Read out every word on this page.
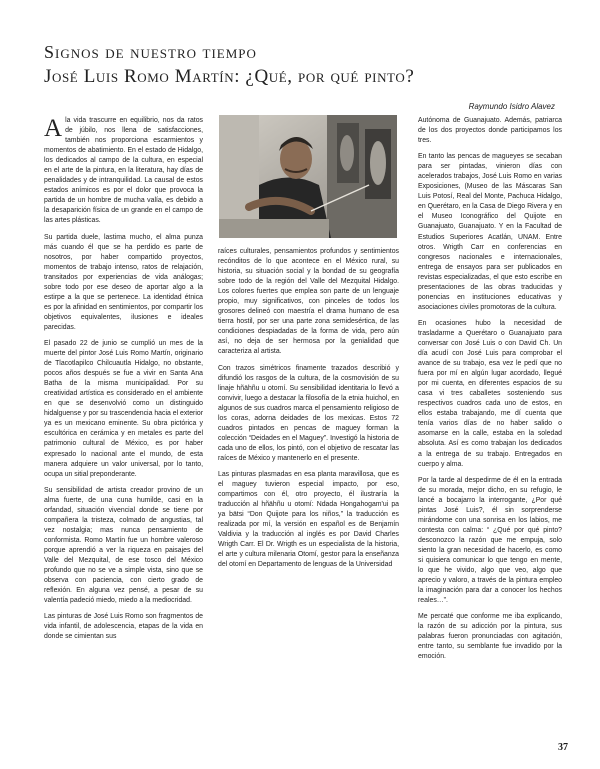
Signos de nuestro tiempo
José Luis Romo Martín: ¿Qué, por qué pinto?
Raymundo Isidro Alavez

Ala vida trascurre en equilibrio, nos da ratos de júbilo, nos llena de satisfacciones, también nos proporciona escarmientos y momentos de abatimiento. En el estado de Hidalgo, los dedicados al campo de la cultura, en especial en el arte de la pintura, en la literatura, hay días de penalidades y de intranquilidad. La causal de estos estados anímicos es por el dolor que provoca la partida de un hombre de mucha valía, es debido a la desaparición física de un grande en el campo de las artes plásticas.

Su partida duele, lastima mucho, el alma punza más cuando él que se ha perdido es parte de nosotros, por haber compartido proyectos, momentos de trabajo intenso, ratos de relajación, transitados por experiencias de vida análogas; sobre todo por ese deseo de aportar algo a la estirpe a la que se pertenece. La identidad étnica es por la afinidad en sentimientos, por compartir los objetivos equivalentes, ilusiones e ideales parecidas.

El pasado 22 de junio se cumplió un mes de la muerte del pintor José Luis Romo Martín, originario de Tlacotlapilco Chilcuautla Hidalgo, no obstante, pocos años después se fue a vivir en Santa Ana Batha de la misma municipalidad. Por su creatividad artística es considerado en el ambiente en que se desenvolvió como un distinguido hidalguense y por su trascendencia hacia el exterior ya es un mexicano eminente. Su obra pictórica y escultórica en cerámica y en metales es parte del patrimonio cultural de México, es por haber expresado lo nacional ante el mundo, de esta manera adquiere un valor universal, por lo tanto, ocupa un sitial preponderante.

Su sensibilidad de artista creador provino de un alma fuerte, de una cuna humilde, casi en la orfandad, situación vivencial donde se tiene por compañera la tristeza, colmado de angustias, tal vez nostalgia; mas nunca pensamiento de conformista. Romo Martín fue un hombre valeroso porque aprendió a ver la riqueza en paisajes del Valle del Mezquital, de ese tosco del México profundo que no se ve a simple vista, sino que se observa con paciencia, con cierto grado de reflexión. En alguna vez pensé, a pesar de su valentía padeció miedo, miedo a la mediocridad.

Las pinturas de José Luis Romo son fragmentos de vida infantil, de adolescencia, etapas de la vida en donde se cimientan sus

raíces culturales, pensamientos profundos y sentimientos recónditos de lo que acontece en el México rural, su historia, su situación social y la bondad de su geografía sobre todo de la región del Valle del Mezquital Hidalgo. Los colores fuertes que emplea son parte de un lenguaje propio, muy significativos, con pinceles de todos los grosores delineó con maestría el drama humano de esa tierra hostil, por ser una parte zona semidesértica, de las condiciones despiadadas de la forma de vida, pero aún así, no deja de ser hermosa por la genialidad que caracteriza al artista.

Con trazos simétricos finamente trazados describió y difundió los rasgos de la cultura, de la cosmovisión de su linaje hñähñu u otomí. Su sensibilidad identitaria lo llevó a convivir, luego a destacar la filosofía de la etnia huichol, en algunos de sus cuadros marca el pensamiento religioso de los coras, adorna deidades de los mexicas. Estos 72 cuadros pintados en pencas de maguey forman la colección “Deidades en el Maguey”. Investigó la historia de cada uno de ellos, los pintó, con el objetivo de rescatar las raíces de México y mantenerlo en el presente.

Las pinturas plasmadas en esa planta maravillosa, que es el maguey tuvieron especial impacto, por eso, compartimos con él, otro proyecto, él ilustraría la traducción al hñähñu u otomí: Ndada Hongahogam'ui pa ya bätsi “Don Quijote para los niños,” la traducción es realizada por mí, la versión en español es de Benjamín Valdivia y la traducción al inglés es por David Charles Wrigth Carr. El Dr. Wrigth es un especialista de la historia, el arte y cultura milenaria Otomí, gestor para la enseñanza del otomí en Departamento de lenguas de la Universidad

Autónoma de Guanajuato. Además, patriarca de los dos proyectos donde participamos los tres.

En tanto las pencas de magueyes se secaban para ser pintadas, vinieron días con acelerados trabajos, José Luis Romo en varias Exposiciones, (Museo de las Máscaras San Luis Potosí, Real del Monte, Pachuca Hidalgo, en Querétaro, en la Casa de Diego Rivera y en el Museo Iconográfico del Quijote en Guanajuato, Guanajuato. Y en la Facultad de Estudios Superiores Acatlán, UNAM. Entre otros. Wrigth Carr en conferencias en congresos nacionales e internacionales, entrega de ensayos para ser publicados en revistas especializadas, el que esto escribe en presentaciones de las obras traducidas y ponencias en instituciones educativas y asociaciones civiles promotoras de la cultura.

En ocasiones hubo la necesidad de trasladarme a Querétaro o Guanajuato para conversar con José Luis o con David Ch. Un día acudí con José Luis para comprobar el avance de su trabajo, esa vez le pedí que no fuera por mí en algún lugar acordado, llegué por mi cuenta, en diferentes espacios de su casa vi tres caballetes sosteniendo sus respectivos cuadros cada uno de estos, en ellos estaba trabajando, me dí cuenta que tenía varios días de no haber salido o asomarse en la calle, estaba en la soledad absoluta. Así es como trabajan los dedicados a la entrega de su trabajo. Entregados en cuerpo y alma.

Por la tarde al despedirme de él en la entrada de su morada, mejor dicho, en su refugio, le lancé a bocajarro la interrogante, ¿Por qué pintas José Luis?, él sin sorprenderse mirándome con una sonrisa en los labios, me contesta con calma: “ ¿Qué por qué pinto? desconozco la razón que me empuja, solo siento la gran necesidad de hacerlo, es como si quisiera comunicar lo que tengo en mente, lo que he vivido, algo que veo, algo que aprecio y valoro, a través de la pintura empleo la imaginación para dar a conocer los hechos reales…”.

Me percaté que conforme me iba explicando, la razón de su adicción por la pintura, sus palabras fueron pronunciadas con agitación, entre tanto, su semblante fue invadido por la emoción.

37
